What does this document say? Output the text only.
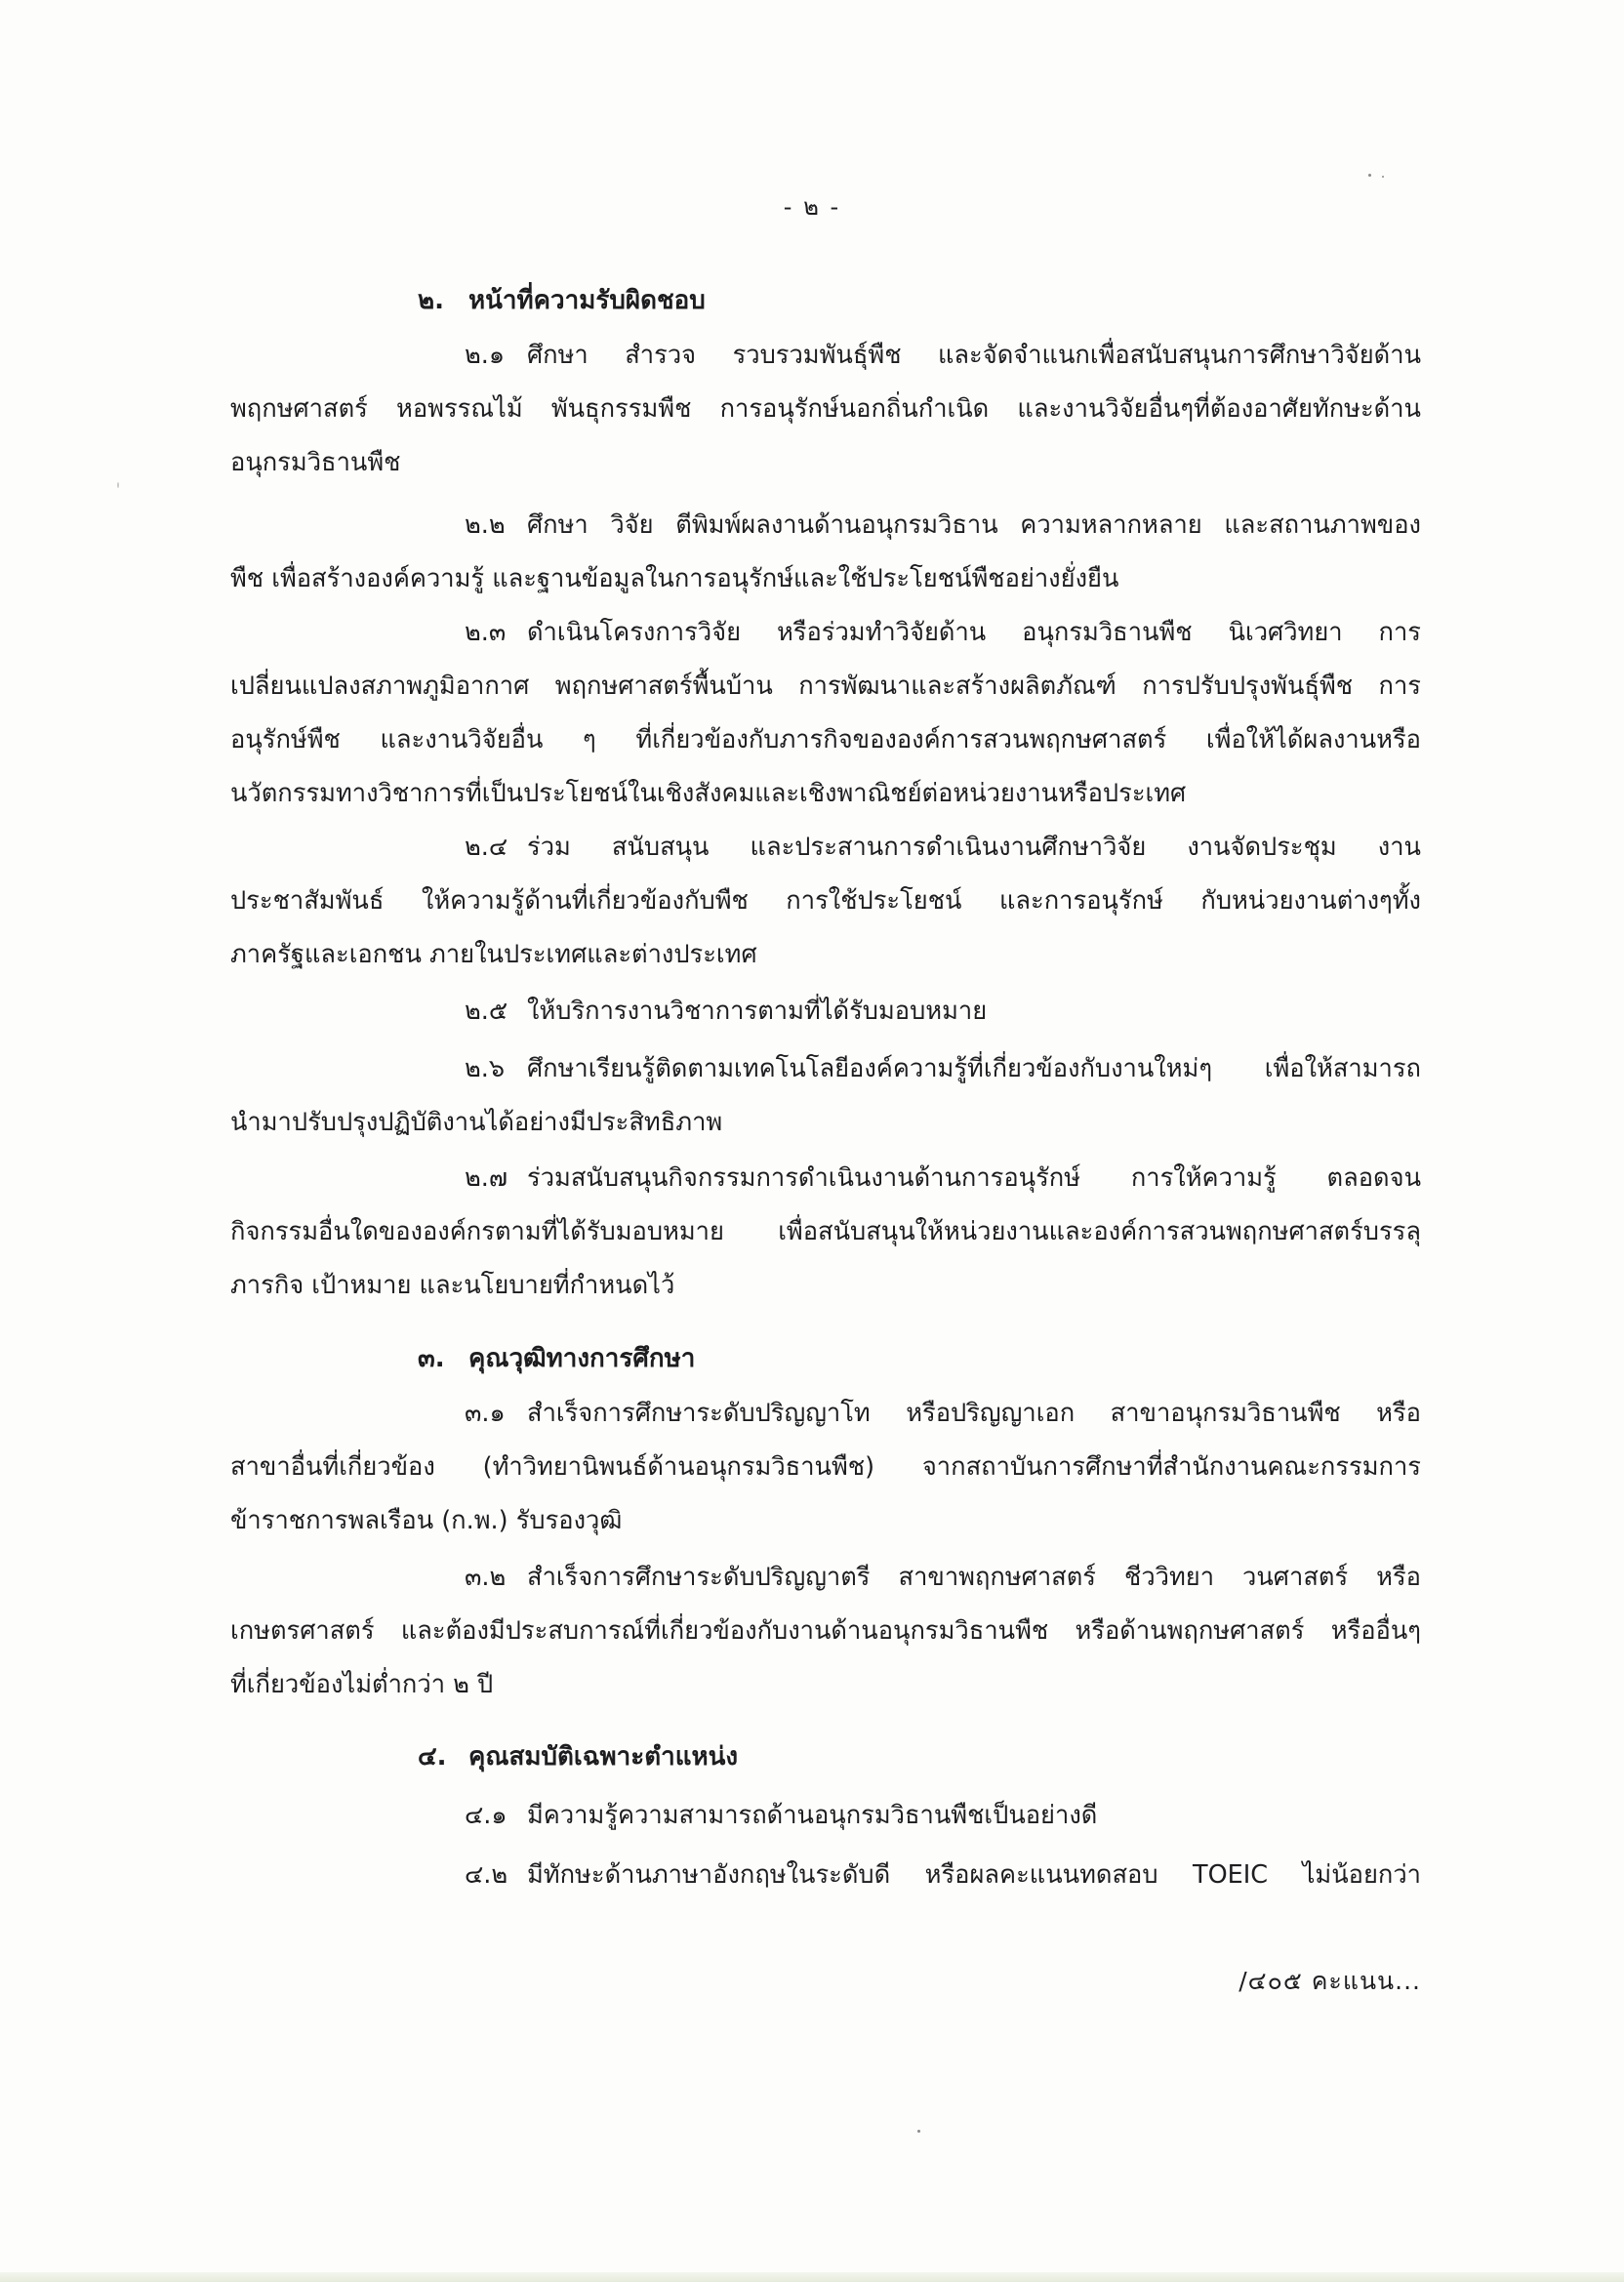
- ๒ -
๒. หน้าที่ความรับผิดชอบ
๒.๑ ศึกษา สำรวจ รวบรวมพันธุ์พืช และจัดจำแนกเพื่อสนับสนุนการศึกษาวิจัยด้าน
พฤกษศาสตร์ หอพรรณไม้ พันธุกรรมพืช การอนุรักษ์นอกถิ่นกำเนิด และงานวิจัยอื่นๆที่ต้องอาศัยทักษะด้าน
อนุกรมวิธานพืช
๒.๒ ศึกษา วิจัย ตีพิมพ์ผลงานด้านอนุกรมวิธาน ความหลากหลาย และสถานภาพของ
พืช เพื่อสร้างองค์ความรู้ และฐานข้อมูลในการอนุรักษ์และใช้ประโยชน์พืชอย่างยั่งยืน
๒.๓ ดำเนินโครงการวิจัย หรือร่วมทำวิจัยด้าน อนุกรมวิธานพืช นิเวศวิทยา การ
เปลี่ยนแปลงสภาพภูมิอากาศ พฤกษศาสตร์พื้นบ้าน การพัฒนาและสร้างผลิตภัณฑ์ การปรับปรุงพันธุ์พืช การ
อนุรักษ์พืช และงานวิจัยอื่น ๆ ที่เกี่ยวข้องกับภารกิจขององค์การสวนพฤกษศาสตร์ เพื่อให้ได้ผลงานหรือ
นวัตกรรมทางวิชาการที่เป็นประโยชน์ในเชิงสังคมและเชิงพาณิชย์ต่อหน่วยงานหรือประเทศ
๒.๔ ร่วม สนับสนุน และประสานการดำเนินงานศึกษาวิจัย งานจัดประชุม งาน
ประชาสัมพันธ์ ให้ความรู้ด้านที่เกี่ยวข้องกับพืช การใช้ประโยชน์ และการอนุรักษ์ กับหน่วยงานต่างๆทั้ง
ภาครัฐและเอกชน ภายในประเทศและต่างประเทศ
๒.๕ ให้บริการงานวิชาการตามที่ได้รับมอบหมาย
๒.๖ ศึกษาเรียนรู้ติดตามเทคโนโลยีองค์ความรู้ที่เกี่ยวข้องกับงานใหม่ๆ เพื่อให้สามารถ
นำมาปรับปรุงปฏิบัติงานได้อย่างมีประสิทธิภาพ
๒.๗ ร่วมสนับสนุนกิจกรรมการดำเนินงานด้านการอนุรักษ์ การให้ความรู้ ตลอดจน
กิจกรรมอื่นใดขององค์กรตามที่ได้รับมอบหมาย เพื่อสนับสนุนให้หน่วยงานและองค์การสวนพฤกษศาสตร์บรรลุ
ภารกิจ เป้าหมาย และนโยบายที่กำหนดไว้
๓. คุณวุฒิทางการศึกษา
๓.๑ สำเร็จการศึกษาระดับปริญญาโท หรือปริญญาเอก สาขาอนุกรมวิธานพืช หรือ
สาขาอื่นที่เกี่ยวข้อง (ทำวิทยานิพนธ์ด้านอนุกรมวิธานพืช) จากสถาบันการศึกษาที่สำนักงานคณะกรรมการ
ข้าราชการพลเรือน (ก.พ.) รับรองวุฒิ
๓.๒ สำเร็จการศึกษาระดับปริญญาตรี สาขาพฤกษศาสตร์ ชีววิทยา วนศาสตร์ หรือ
เกษตรศาสตร์ และต้องมีประสบการณ์ที่เกี่ยวข้องกับงานด้านอนุกรมวิธานพืช หรือด้านพฤกษศาสตร์ หรืออื่นๆ
ที่เกี่ยวข้องไม่ต่ำกว่า ๒ ปี
๔. คุณสมบัติเฉพาะตำแหน่ง
๔.๑ มีความรู้ความสามารถด้านอนุกรมวิธานพืชเป็นอย่างดี
๔.๒ มีทักษะด้านภาษาอังกฤษในระดับดี หรือผลคะแนนทดสอบ TOEIC ไม่น้อยกว่า
/๔๐๕ คะแนน...
